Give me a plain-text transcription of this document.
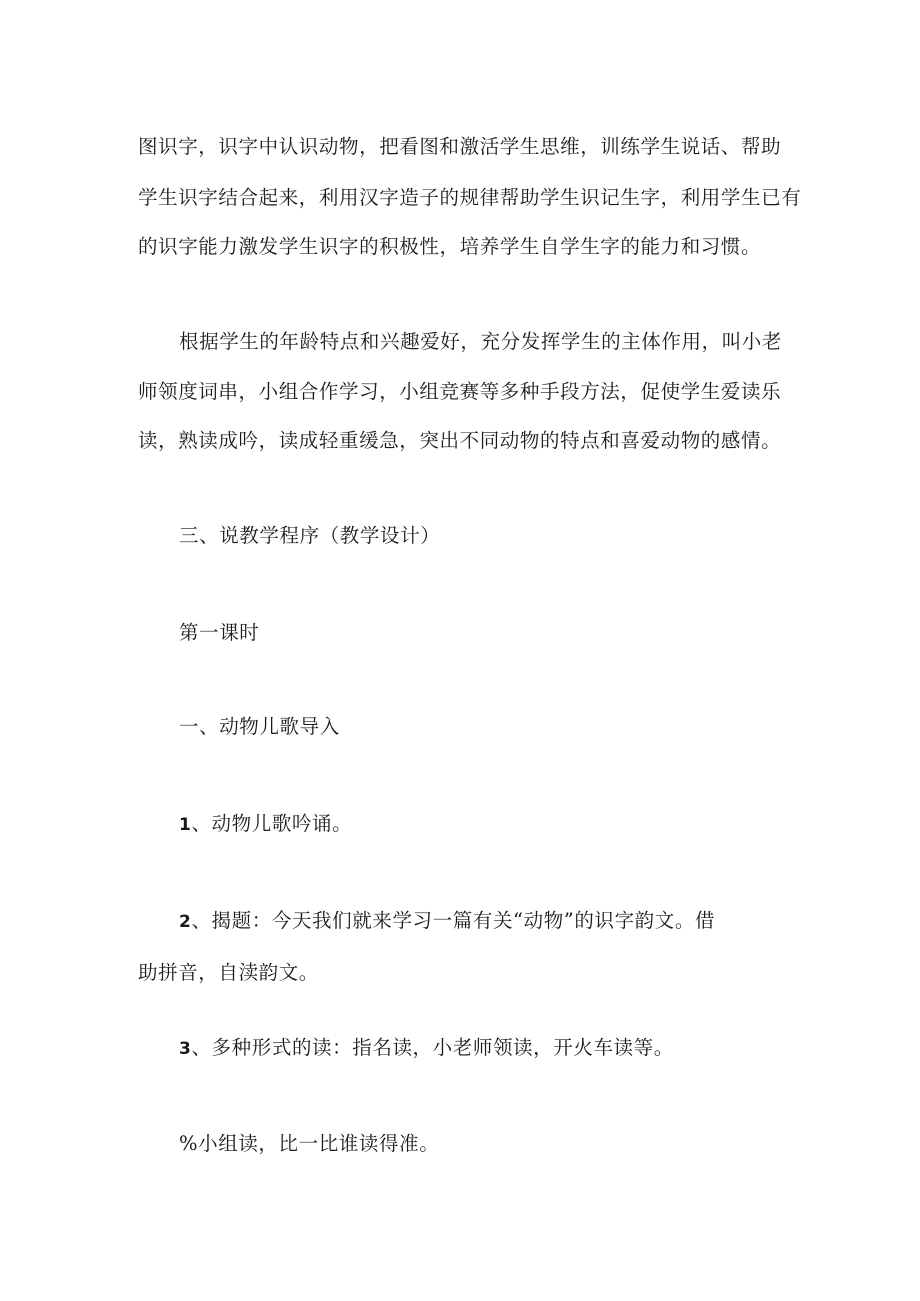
图识字，识字中认识动物，把看图和激活学生思维，训练学生说话、帮助
学生识字结合起来，利用汉字造子的规律帮助学生识记生字，利用学生已有
的识字能力激发学生识字的积极性，培养学生自学生字的能力和习惯。
根据学生的年龄特点和兴趣爱好，充分发挥学生的主体作用，叫小老
师领度词串，小组合作学习，小组竞赛等多种手段方法，促使学生爱读乐
读，熟读成吟，读成轻重缓急，突出不同动物的特点和喜爱动物的感情。
三、说教学程序（教学设计）
第一课时
一、动物儿歌导入
1、动物儿歌吟诵。
2、揭题：今天我们就来学习一篇有关“动物”的识字韵文。借
助拼音，自渎韵文。
3、多种形式的读：指名读，小老师领读，开火车读等。
%小组读，比一比谁读得准。
